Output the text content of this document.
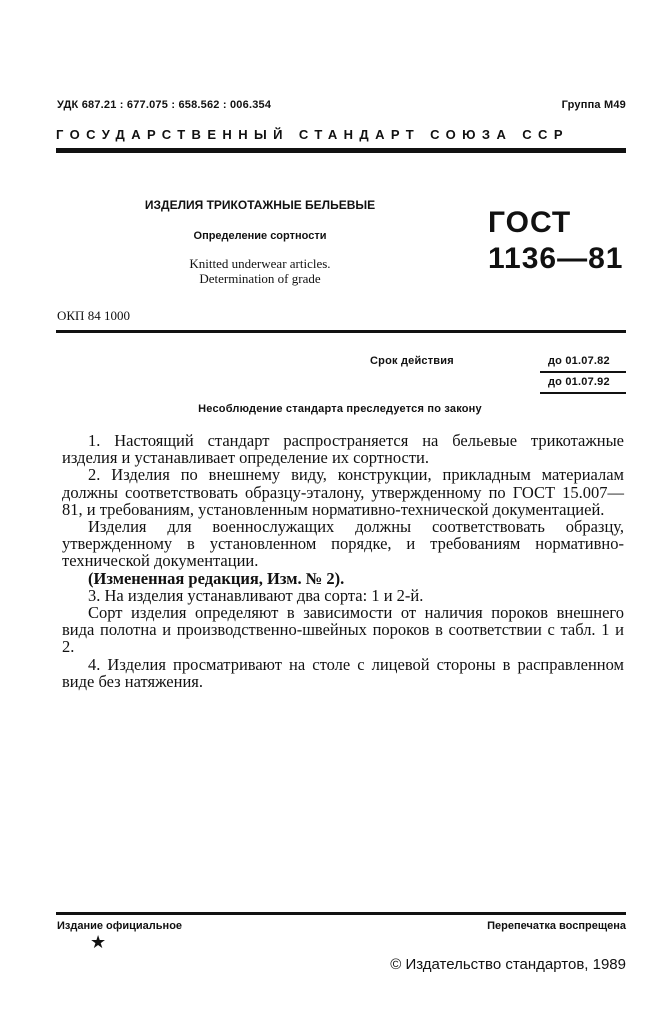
УДК 687.21 : 677.075 : 658.562 : 006.354	Группа М49
ГОСУДАРСТВЕННЫЙ СТАНДАРТ СОЮЗА ССР
ИЗДЕЛИЯ ТРИКОТАЖНЫЕ БЕЛЬЕВЫЕ
Определение сортности
Knitted underwear articles.
Determination of grade
ГОСТ
1136—81
ОКП 84 1000
Срок действия	до 01.07.82
до 01.07.92
Несоблюдение стандарта преследуется по закону

1. Настоящий стандарт распространяется на бельевые трикотажные изделия и устанавливает определение их сортности.

2. Изделия по внешнему виду, конструкции, прикладным материалам должны соответствовать образцу-эталону, утвержденному по ГОСТ 15.007—81, и требованиям, установленным нормативно-технической документацией.

Изделия для военнослужащих должны соответствовать образцу, утвержденному в установленном порядке, и требованиям нормативно-технической документации.

(Измененная редакция, Изм. № 2).

3. На изделия устанавливают два сорта: 1 и 2-й.

Сорт изделия определяют в зависимости от наличия пороков внешнего вида полотна и производственно-швейных пороков в соответствии с табл. 1 и 2.

4. Изделия просматривают на столе с лицевой стороны в расправленном виде без натяжения.

Издание официальное
★
Перепечатка воспрещена
© Издательство стандартов, 1989
